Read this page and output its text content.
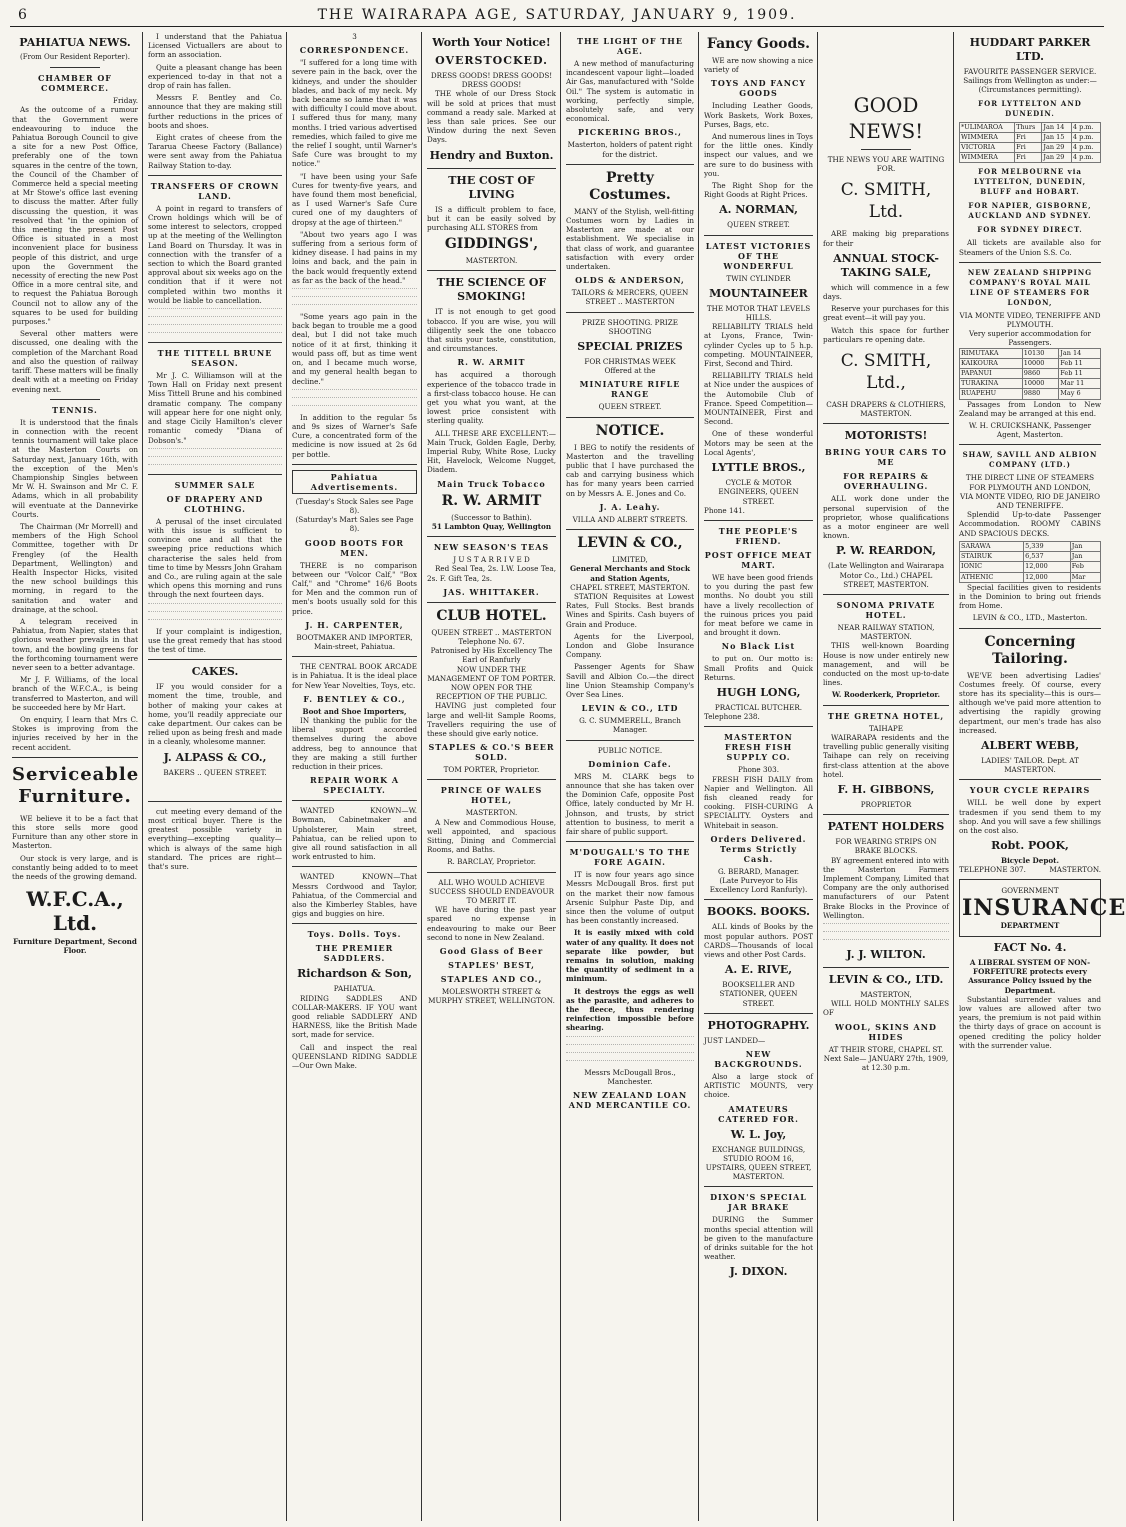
6	THE WAIRARAPA AGE, SATURDAY, JANUARY 9, 1909.
PAHIATUA NEWS.
(From Our Resident Reporter).
CHAMBER OF COMMERCE.
Friday.

As the outcome of a rumour that the Government were endeavouring to induce the Pahiatua Borough Council to give a site for a new Post Office, preferably one of the town squares in the centre of the town, the Council of the Chamber of Commerce held a special meeting at Mr Stowe's office last evening to discuss the matter. After fully discussing the question, it was resolved that "in the opinion of this meeting the present Post Office is situated in a most inconvenient place for business people of this district, and urge upon the Government the necessity of erecting the new Post Office in a more central site, and to request the Pahiatua Borough Council not to allow any of the squares to be used for building purposes."

Several other matters were discussed, one dealing with the completion of the Marchant Road and also the question of railway tariff. These matters will be finally dealt with at a meeting on Friday evening next.

TENNIS.

It is understood that the finals in connection with the recent tennis tournament will take place at the Masterton Courts on Saturday next, January 16th, with the exception of the Men's Championship Singles between Mr W. H. Swainson and Mr C. F. Adams, which in all probability will eventuate at the Dannevirke Courts.

The Chairman (Mr Morrell) and members of the High School Committee, together with Dr Frengley (of the Health Department, Wellington) and Health Inspector Hicks, visited the new school buildings this morning, in regard to the sanitation and water and drainage, at the school.

A telegram received in Pahiatua, from Napier, states that glorious weather prevails in that town, and the bowling greens for the forthcoming tournament were never seen to a better advantage.

Mr J. F. Williams, of the local branch of the W.F.C.A., is being transferred to Masterton, and will be succeeded here by Mr Hart.

On enquiry, I learn that Mrs C. Stokes is improving from the injuries received by her in the recent accident.

Serviceable Furniture.

WE believe it to be a fact that this store sells more good Furniture than any other store in Masterton.

Our stock is very large, and is constantly being added to to meet the needs of the growing demand.

W.F.C.A., Ltd.
Furniture Department, Second Floor.

I understand that the Pahiatua Licensed Victuallers are about to form an association.

Quite a pleasant change has been experienced to-day in that not a drop of rain has fallen.

Messrs F. Bentley and Co. announce that they are making still further reductions in the prices of boots and shoes.

Eight crates of cheese from the Tararua Cheese Factory (Ballance) were sent away from the Pahiatua Railway Station to-day.

TRANSFERS OF CROWN LAND.

A point in regard to transfers of Crown holdings which will be of some interest to selectors, cropped up at the meeting of the Wellington Land Board on Thursday. It was in connection with the transfer of a section to which the Board granted approval about six weeks ago on the condition that if it were not completed within two months it would be liable to cancellation.

THE TITTELL BRUNE SEASON.

Mr J. C. Williamson will at the Town Hall on Friday next present Miss Tittell Brune and his combined dramatic company. The company will appear here for one night only, and stage Cicily Hamilton's clever romantic comedy "Diana of Dobson's."

SUMMER SALE
OF DRAPERY AND CLOTHING.

A perusal of the inset circulated with this issue is sufficient to convince one and all that the sweeping price reductions which characterise the sales held from time to time by Messrs John Graham and Co., are ruling again at the sale which opens this morning and runs through the next fourteen days.

If your complaint is indigestion, use the great remedy that has stood the test of time.

CAKES.

IF you would consider for a moment the time, trouble, and bother of making your cakes at home, you'll readily appreciate our cake department. Our cakes can be relied upon as being fresh and made in a cleanly, wholesome manner.

J. ALPASS & CO.,
BAKERS .. QUEEN STREET.

cut meeting every demand of the most critical buyer. There is the greatest possible variety in everything—excepting quality—which is always of the same high standard. The prices are right—that's sure.

3
CORRESPONDENCE.

"I suffered for a long time with severe pain in the back, over the kidneys, and under the shoulder blades, and back of my neck. My back became so lame that it was with difficulty I could move about. I suffered thus for many, many months. I tried various advertised remedies, which failed to give me the relief I sought, until Warner's Safe Cure was brought to my notice."

"I have been using your Safe Cures for twenty-five years, and have found them most beneficial, as I used Warner's Safe Cure cured one of my daughters of dropsy at the age of thirteen."

"About two years ago I was suffering from a serious form of kidney disease. I had pains in my loins and back, and the pain in the back would frequently extend as far as the back of the head."

"Some years ago pain in the back began to trouble me a good deal, but I did not take much notice of it at first, thinking it would pass off, but as time went on, and I became much worse, and my general health began to decline."

In addition to the regular 5s and 9s sizes of Warner's Safe Cure, a concentrated form of the medicine is now issued at 2s 6d per bottle.

Pahiatua Advertisements.
(Tuesday's Stock Sales see Page 8).
(Saturday's Mart Sales see Page 8).
GOOD BOOTS FOR MEN.

THERE is no comparison between our "Volcor Calf," "Box Calf," and "Chrome" 16/6 Boots for Men and the common run of men's boots usually sold for this price.

J. H. CARPENTER,
BOOTMAKER AND IMPORTER, Main-street, Pahiatua.

THE CENTRAL BOOK ARCADE is in Pahiatua. It is the ideal place for New Year Novelties, Toys, etc.

F. BENTLEY & CO.,
Boot and Shoe Importers,

IN thanking the public for the liberal support accorded themselves during the above address, beg to announce that they are making a still further reduction in their prices.

REPAIR WORK A SPECIALTY.

WANTED KNOWN—W. Bowman, Cabinetmaker and Upholsterer, Main street, Pahiatua, can be relied upon to give all round satisfaction in all work entrusted to him.

WANTED KNOWN—That Messrs Cordwood and Taylor, Pahiatua, of the Commercial and also the Kimberley Stables, have gigs and buggies on hire.

Toys. Dolls. Toys.
THE PREMIER SADDLERS.
Richardson & Son,
PAHIATUA.

RIDING SADDLES AND COLLAR-MAKERS. IF YOU want good reliable SADDLERY AND HARNESS, like the British Made sort, made for service.

Call and inspect the real QUEENSLAND RIDING SADDLE—Our Own Make.

Worth Your Notice!
OVERSTOCKED.
DRESS GOODS! DRESS GOODS! DRESS GOODS!

THE whole of our Dress Stock will be sold at prices that must command a ready sale. Marked at less than sale prices. See our Window during the next Seven Days.

Hendry and Buxton.
THE COST OF LIVING

IS a difficult problem to face, but it can be easily solved by purchasing ALL STORES from

GIDDINGS',
MASTERTON.
THE SCIENCE OF SMOKING!

IT is not enough to get good tobacco. If you are wise, you will diligently seek the one tobacco that suits your taste, constitution, and circumstances.

R. W. ARMIT

has acquired a thorough experience of the tobacco trade in a first-class tobacco house. He can get you what you want, at the lowest price consistent with sterling quality.

ALL THESE ARE EXCELLENT:— Main Truck, Golden Eagle, Derby, Imperial Ruby, White Rose, Lucky Hit, Havelock, Welcome Nugget, Diadem.

Main Truck Tobacco
R. W. ARMIT
(Successor to Bathin).
51 Lambton Quay, Wellington
NEW SEASON'S TEAS
J U S T A R R I V E D

Red Seal Tea, 2s. I.W. Loose Tea, 2s. F. Gift Tea, 2s.

JAS. WHITTAKER.
CLUB HOTEL.
QUEEN STREET .. MASTERTON Telephone No. 67.
Patronised by His Excellency The Earl of Ranfurly
NOW UNDER THE MANAGEMENT OF TOM PORTER. NOW OPEN FOR THE RECEPTION OF THE PUBLIC.

HAVING just completed four large and well-lit Sample Rooms, Travellers requiring the use of these should give early notice.

STAPLES & CO.'S BEER SOLD.
TOM PORTER, Proprietor.
PRINCE OF WALES HOTEL,
MASTERTON.

A New and Commodious House, well appointed, and spacious Sitting, Dining and Commercial Rooms, and Baths.

R. BARCLAY, Proprietor.
ALL WHO WOULD ACHIEVE SUCCESS SHOULD ENDEAVOUR TO MERIT IT.

WE have during the past year spared no expense in endeavouring to make our Beer second to none in New Zealand.

Good Glass of Beer
STAPLES' BEST,
STAPLES AND CO.,
MOLESWORTH STREET & MURPHY STREET, WELLINGTON.
THE LIGHT OF THE AGE.

A new method of manufacturing incandescent vapour light—loaded Air Gas, manufactured with "Solde Oil." The system is automatic in working, perfectly simple, absolutely safe, and very economical.

PICKERING BROS.,
Masterton, holders of patent right for the district.
Pretty Costumes.

MANY of the Stylish, well-fitting Costumes worn by Ladies in Masterton are made at our establishment. We specialise in that class of work, and guarantee satisfaction with every order undertaken.

OLDS & ANDERSON,
TAILORS & MERCERS, QUEEN STREET .. MASTERTON
PRIZE SHOOTING. PRIZE SHOOTING
SPECIAL PRIZES
FOR CHRISTMAS WEEK
Offered at the
MINIATURE RIFLE RANGE
QUEEN STREET.
NOTICE.

I BEG to notify the residents of Masterton and the travelling public that I have purchased the cab and carrying business which has for many years been carried on by Messrs A. E. Jones and Co.

J. A. Leahy.
VILLA AND ALBERT STREETS.
LEVIN & CO.,
LIMITED,
General Merchants and Stock and Station Agents,
CHAPEL STREET, MASTERTON.

STATION Requisites at Lowest Rates, Full Stocks. Best brands Wines and Spirits. Cash buyers of Grain and Produce.

Agents for the Liverpool, London and Globe Insurance Company.

Passenger Agents for Shaw Savill and Albion Co.—the direct line Union Steamship Company's Over Sea Lines.

LEVIN & CO., LTD
G. C. SUMMERELL, Branch Manager.
PUBLIC NOTICE.
Dominion Cafe.

MRS M. CLARK begs to announce that she has taken over the Dominion Cafe, opposite Post Office, lately conducted by Mr H. Johnson, and trusts, by strict attention to business, to merit a fair share of public support.

M'DOUGALL'S TO THE FORE AGAIN.

IT is now four years ago since Messrs McDougall Bros. first put on the market their now famous Arsenic Sulphur Paste Dip, and since then the volume of output has been constantly increased.

It is easily mixed with cold water of any quality. It does not separate like powder, but remains in solution, making the quantity of sediment in a minimum.

It destroys the eggs as well as the parasite, and adheres to the fleece, thus rendering reinfection impossible before shearing.

Messrs McDougall Bros., Manchester.
NEW ZEALAND LOAN AND MERCANTILE CO.
Fancy Goods.

WE are now showing a nice variety of

TOYS AND FANCY GOODS

Including Leather Goods, Work Baskets, Work Boxes, Purses, Bags, etc.

And numerous lines in Toys for the little ones. Kindly inspect our values, and we are sure to do business with you.

The Right Shop for the Right Goods at Right Prices.

A. NORMAN,
QUEEN STREET.
LATEST VICTORIES OF THE WONDERFUL
TWIN CYLINDER
MOUNTAINEER
THE MOTOR THAT LEVELS HILLS.

RELIABILITY TRIALS held at Lyons, France, Twin-cylinder Cycles up to 5 h.p. competing. MOUNTAINEER, First, Second and Third.

RELIABILITY TRIALS held at Nice under the auspices of the Automobile Club of France. Speed Competition—MOUNTAINEER, First and Second.

One of these wonderful Motors may be seen at the Local Agents',

LYTTLE BROS.,
CYCLE & MOTOR ENGINEERS, QUEEN STREET.
Phone 141.
THE PEOPLE'S FRIEND.
POST OFFICE MEAT MART.

WE have been good friends to you during the past few months. No doubt you still have a lively recollection of the ruinous prices you paid for meat before we came in and brought it down.

No Black List

to put on. Our motto is: Small Profits and Quick Returns.

HUGH LONG,
PRACTICAL BUTCHER.
Telephone 238.
MASTERTON FRESH FISH SUPPLY CO.
Phone 303.

FRESH FISH DAILY from Napier and Wellington. All fish cleaned ready for cooking. FISH-CURING A SPECIALITY. Oysters and Whitebait in season.

Orders Delivered. Terms Strictly Cash.
G. BERARD, Manager.
(Late Purveyor to His Excellency Lord Ranfurly).
BOOKS. BOOKS.

ALL kinds of Books by the most popular authors. POST CARDS—Thousands of local views and other Post Cards.

A. E. RIVE,
BOOKSELLER AND STATIONER, QUEEN STREET.
PHOTOGRAPHY.
JUST LANDED—
NEW BACKGROUNDS.

Also a large stock of ARTISTIC MOUNTS, very choice.

AMATEURS CATERED FOR.
W. L. Joy,
EXCHANGE BUILDINGS,
STUDIO ROOM 16, UPSTAIRS, QUEEN STREET, MASTERTON.
DIXON'S SPECIAL JAR BRAKE

DURING the Summer months special attention will be given to the manufacture of drinks suitable for the hot weather.

J. DIXON.
GOOD NEWS!
THE NEWS YOU ARE WAITING FOR.
C. SMITH, Ltd.

ARE making big preparations for their

ANNUAL STOCK-TAKING SALE,

which will commence in a few days.

Reserve your purchases for this great event—it will pay you.

Watch this space for further particulars re opening date.

C. SMITH, Ltd.,
CASH DRAPERS & CLOTHIERS, MASTERTON.
MOTORISTS!
BRING YOUR CARS TO ME
FOR REPAIRS & OVERHAULING.

ALL work done under the personal supervision of the proprietor, whose qualifications as a motor engineer are well known.

P. W. REARDON,
(Late Wellington and Wairarapa Motor Co., Ltd.) CHAPEL STREET, MASTERTON.
SONOMA PRIVATE HOTEL.
NEAR RAILWAY STATION, MASTERTON.

THIS well-known Boarding House is now under entirely new management, and will be conducted on the most up-to-date lines.

W. Rooderkerk, Proprietor.
THE GRETNA HOTEL,
TAIHAPE

WAIRARAPA residents and the travelling public generally visiting Taihape can rely on receiving first-class attention at the above hotel.

F. H. GIBBONS,
PROPRIETOR
PATENT HOLDERS
FOR WEARING STRIPS ON BRAKE BLOCKS.

BY agreement entered into with the Masterton Farmers Implement Company, Limited that Company are the only authorised manufacturers of our Patent Brake Blocks in the Province of Wellington.

J. J. WILTON.
LEVIN & CO., LTD.
MASTERTON,

WILL HOLD MONTHLY SALES OF

WOOL, SKINS AND HIDES
AT THEIR STORE, CHAPEL ST.
Next Sale— JANUARY 27th, 1909, at 12.30 p.m.
HUDDART PARKER LTD.
FAVOURITE PASSENGER SERVICE.
Sailings from Wellington as under:— (Circumstances permitting).
FOR LYTTELTON AND DUNEDIN.
*ULIMAROA	Thurs	Jan 14	4 p.m.
WIMMERA	Fri	Jan 15	4 p.m.
VICTORIA	Fri	Jan 29	4 p.m.
WIMMERA	Fri	Jan 29	4 p.m.
FOR MELBOURNE via LYTTELTON, DUNEDIN, BLUFF and HOBART.
FOR NAPIER, GISBORNE, AUCKLAND AND SYDNEY.
FOR SYDNEY DIRECT.

All tickets are available also for Steamers of the Union S.S. Co.

NEW ZEALAND SHIPPING COMPANY'S ROYAL MAIL LINE OF STEAMERS FOR LONDON,
VIA MONTE VIDEO, TENERIFFE AND PLYMOUTH.
Very superior accommodation for Passengers.
RIMUTAKA	10130	Jan 14
KAIKOURA	10000	Feb 11
PAPANUI	9860	Feb 11
TURAKINA	10000	Mar 11
RUAPEHU	9880	May 6

Passages from London to New Zealand may be arranged at this end.

W. H. CRUICKSHANK, Passenger Agent, Masterton.
SHAW, SAVILL AND ALBION COMPANY (LTD.)
THE DIRECT LINE OF STEAMERS FOR PLYMOUTH AND LONDON,
VIA MONTE VIDEO, RIO DE JANEIRO AND TENERIFFE.

Splendid Up-to-date Passenger Accommodation. ROOMY CABINS AND SPACIOUS DECKS.

SARAWA	5,339	Jan
STAIRUK	6,537	Jan
IONIC	12,000	Feb
ATHENIC	12,000	Mar

Special facilities given to residents in the Dominion to bring out friends from Home.

LEVIN & CO., LTD., Masterton.
Concerning Tailoring.

WE'VE been advertising Ladies' Costumes freely. Of course, every store has its speciality—this is ours—although we've paid more attention to advertising the rapidly growing department, our men's trade has also increased.

ALBERT WEBB,
LADIES' TAILOR. Dept. AT MASTERTON.
YOUR CYCLE REPAIRS

WILL be well done by expert tradesmen if you send them to my shop. And you will save a few shillings on the cost also.

Robt. POOK,
Bicycle Depot.
TELEPHONE 307.	MASTERTON.
GOVERNMENT
INSURANCE
DEPARTMENT
FACT No. 4.
A LIBERAL SYSTEM OF NON-FORFEITURE protects every Assurance Policy issued by the Department.

Substantial surrender values and low values are allowed after two years, the premium is not paid within the thirty days of grace on account is opened crediting the policy holder with the surrender value.
